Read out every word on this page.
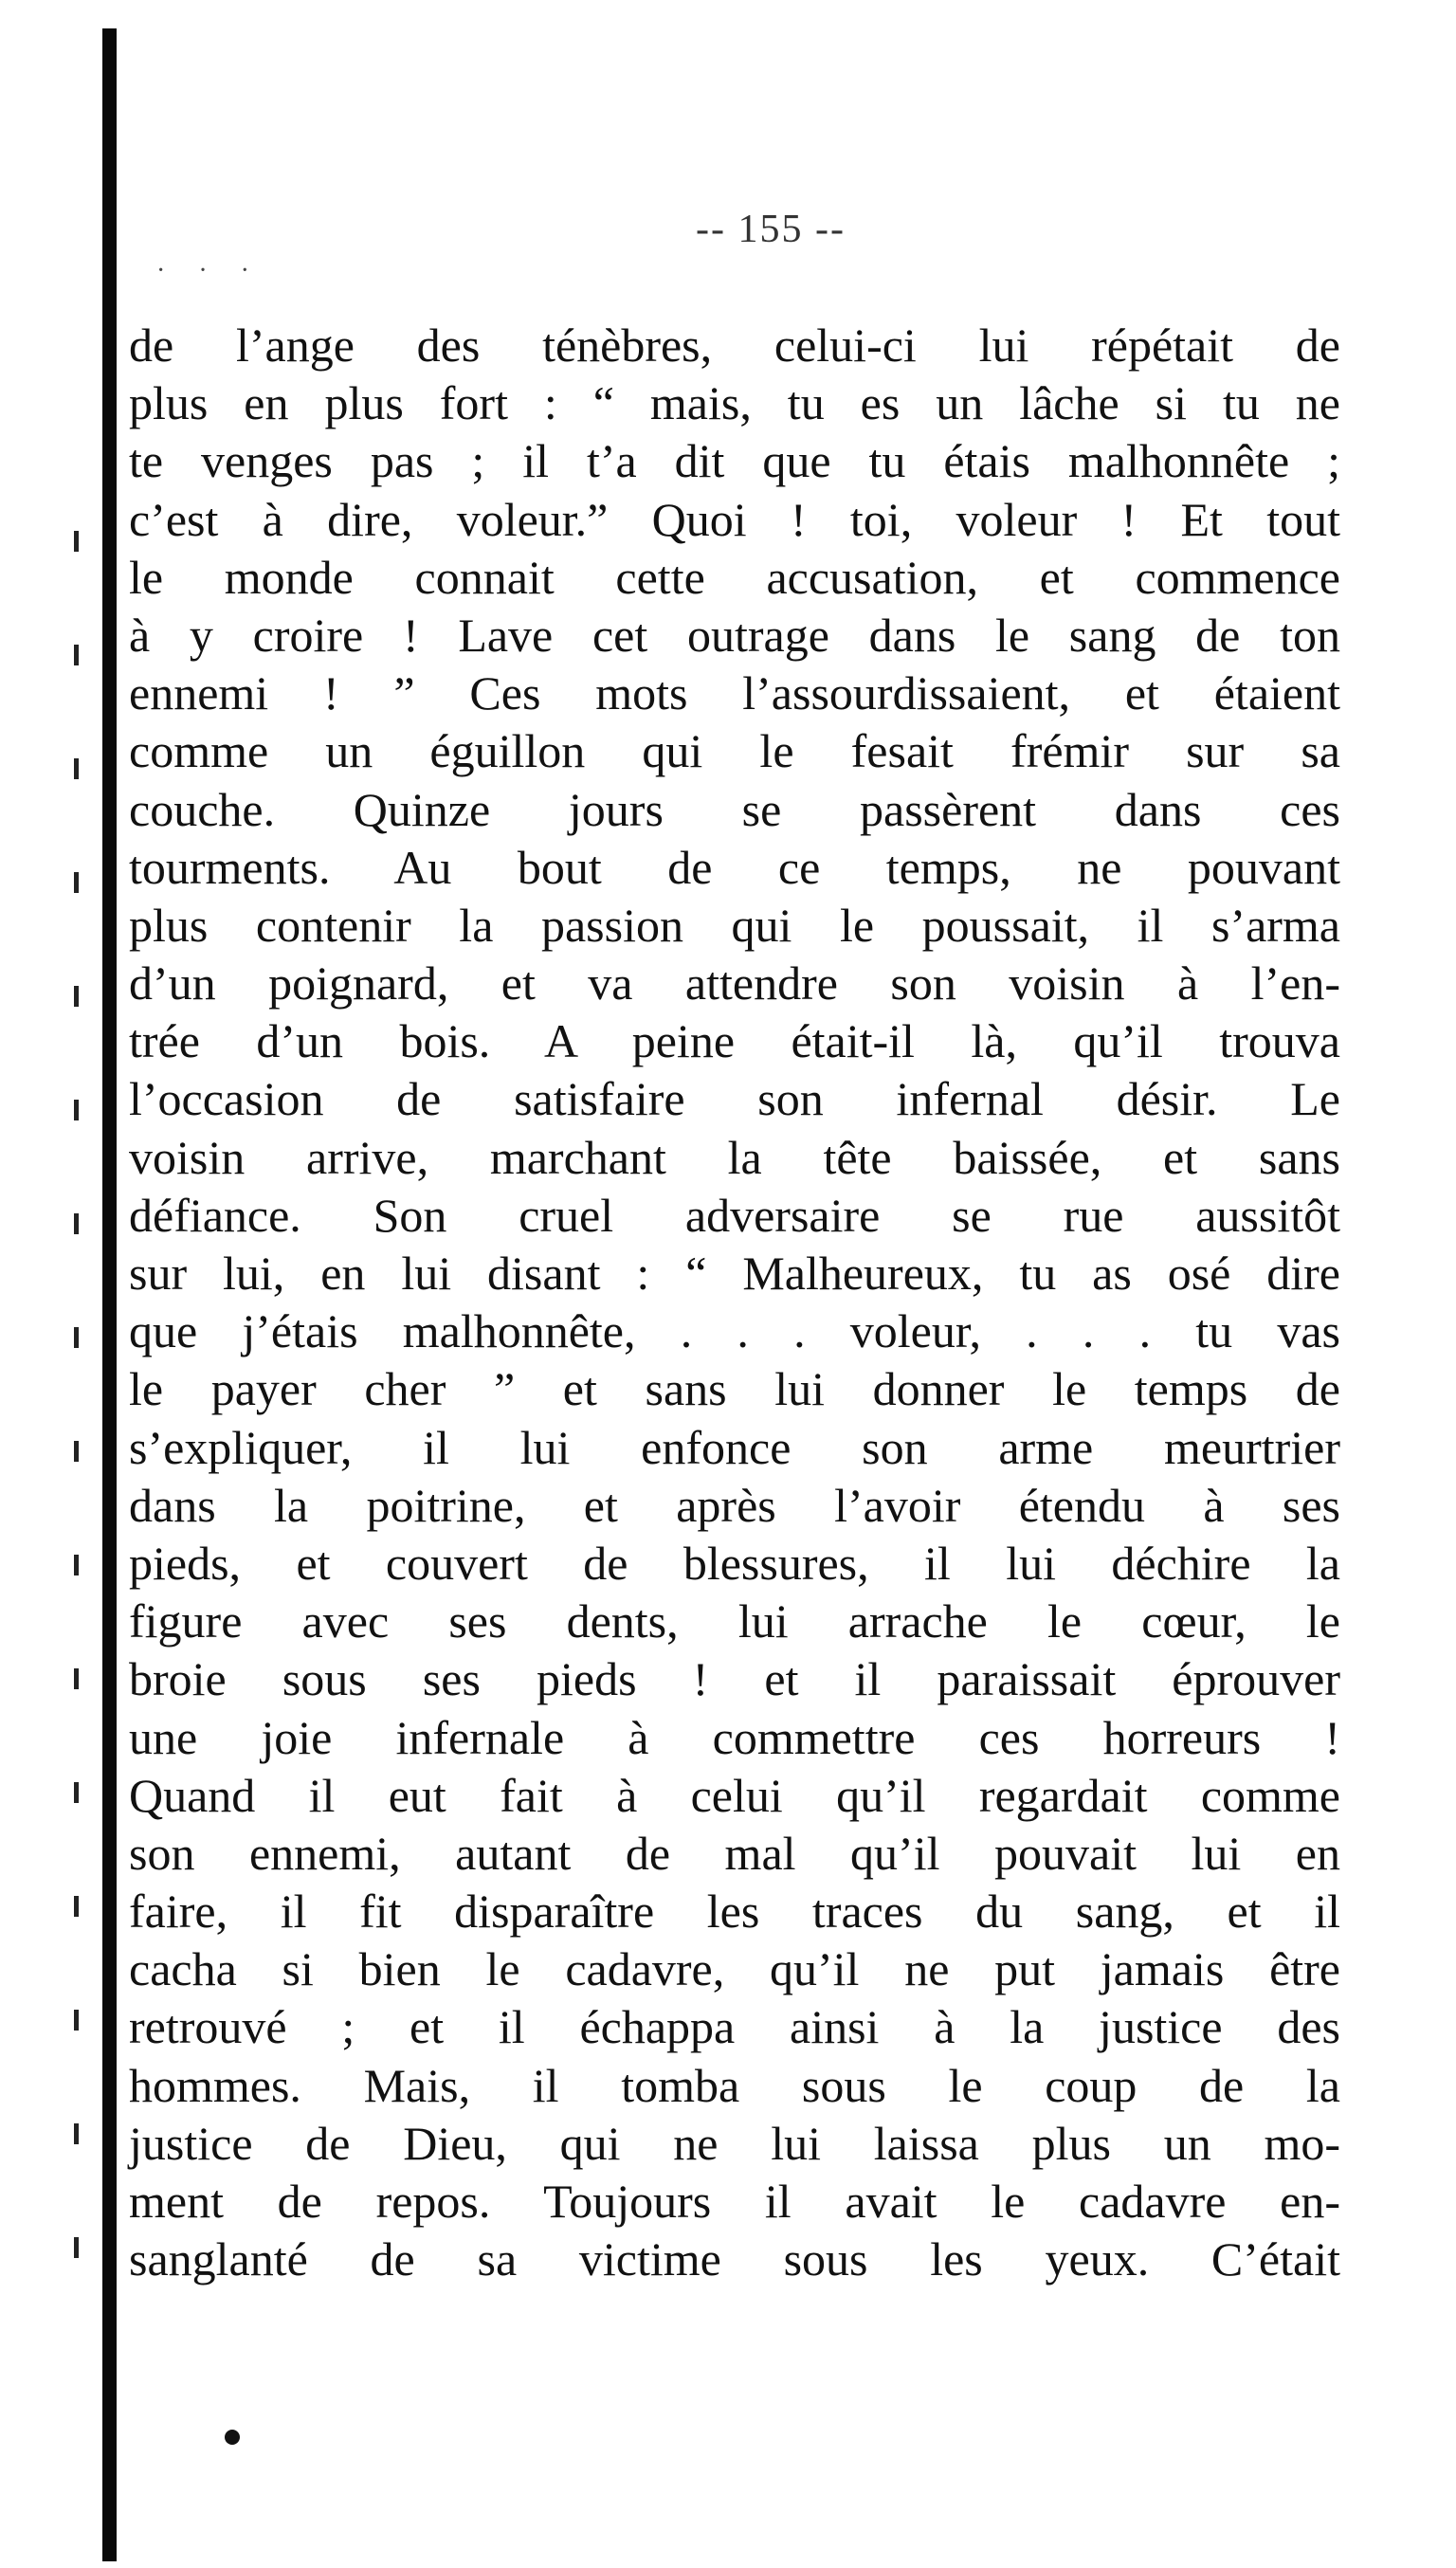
· · ·
-- 155 --
de l’ange des ténèbres, celui-ci lui répétait de
plus en plus fort : “ mais, tu es un lâche si tu ne
te venges pas ; il t’a dit que tu étais malhonnête ;
c’est à dire, voleur.” Quoi ! toi, voleur ! Et tout
le monde connait cette accusation, et commence
à y croire ! Lave cet outrage dans le sang de ton
ennemi ! ” Ces mots l’assourdissaient, et étaient
comme un éguillon qui le fesait frémir sur sa
couche. Quinze jours se passèrent dans ces
tourments. Au bout de ce temps, ne pouvant
plus contenir la passion qui le poussait, il s’arma
d’un poignard, et va attendre son voisin à l’en-
trée d’un bois. A peine était-il là, qu’il trouva
l’occasion de satisfaire son infernal désir. Le
voisin arrive, marchant la tête baissée, et sans
défiance. Son cruel adversaire se rue aussitôt
sur lui, en lui disant : “ Malheureux, tu as osé dire
que j’étais malhonnête, . . . voleur, . . . tu vas
le payer cher ” et sans lui donner le temps de
s’expliquer, il lui enfonce son arme meurtrier
dans la poitrine, et après l’avoir étendu à ses
pieds, et couvert de blessures, il lui déchire la
figure avec ses dents, lui arrache le cœur, le
broie sous ses pieds ! et il paraissait éprouver
une joie infernale à commettre ces horreurs !
Quand il eut fait à celui qu’il regardait comme
son ennemi, autant de mal qu’il pouvait lui en
faire, il fit disparaître les traces du sang, et il
cacha si bien le cadavre, qu’il ne put jamais être
retrouvé ; et il échappa ainsi à la justice des
hommes. Mais, il tomba sous le coup de la
justice de Dieu, qui ne lui laissa plus un mo-
ment de repos. Toujours il avait le cadavre en-
sanglanté de sa victime sous les yeux. C’était
